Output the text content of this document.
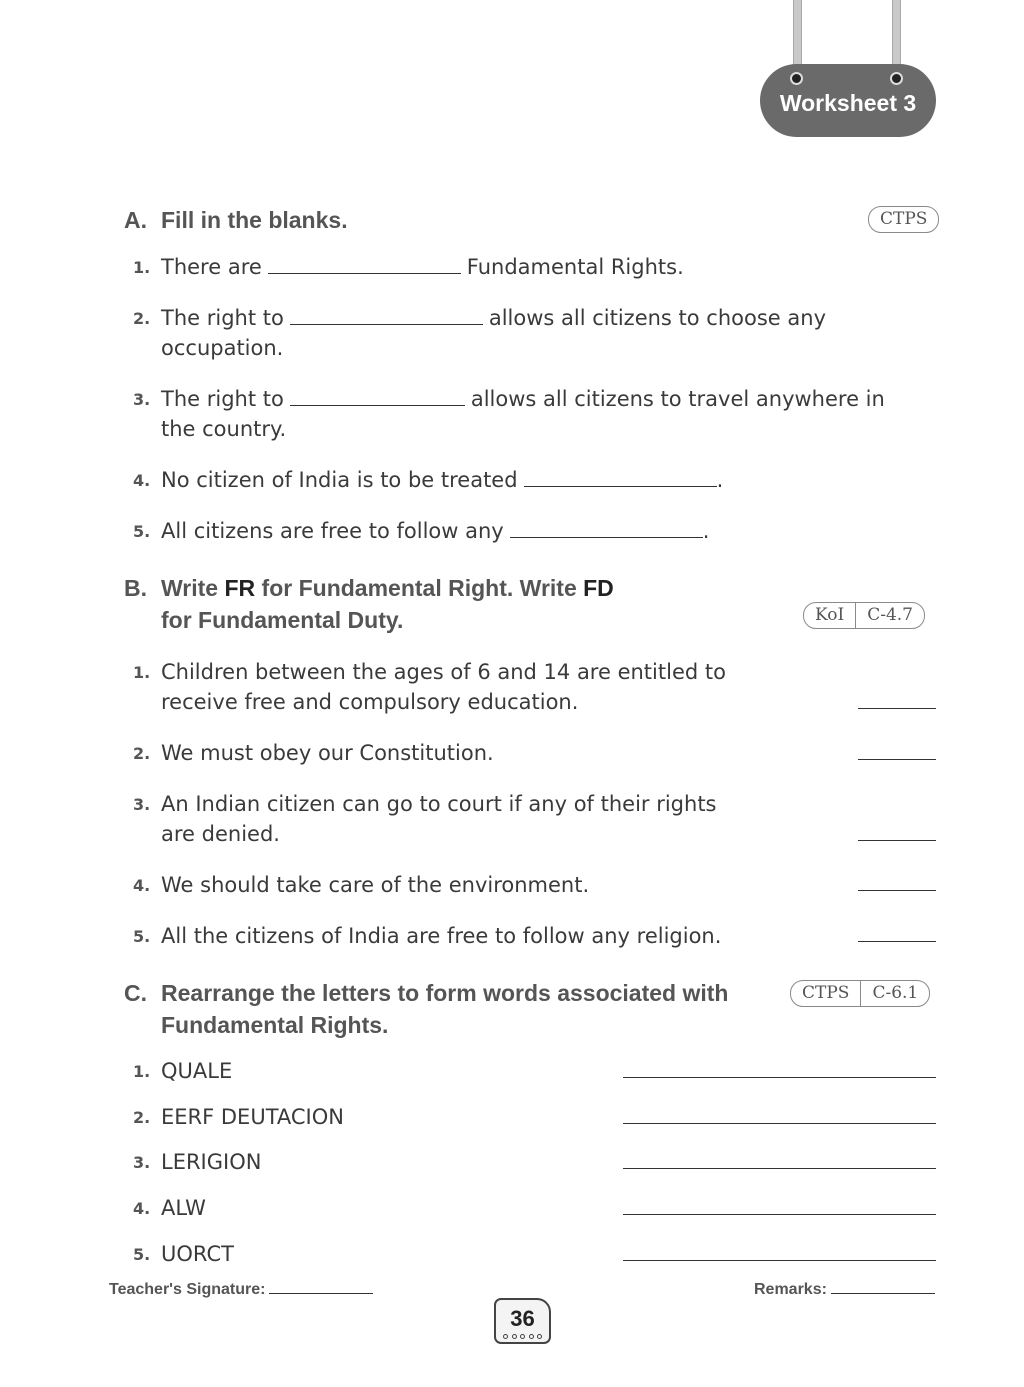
Worksheet 3
A. Fill in the blanks.	CTPS
1. There are	Fundamental Rights.
2. The right to	allows all citizens to choose any
occupation.
3. The right to	allows all citizens to travel anywhere in
the country.
4. No citizen of India is to be treated	.
5. All citizens are free to follow any	.
B. Write FR for Fundamental Right. Write FD
for Fundamental Duty.	KoI	C-4.7
1. Children between the ages of 6 and 14 are entitled to
receive free and compulsory education.
2. We must obey our Constitution.
3. An Indian citizen can go to court if any of their rights
are denied.
4. We should take care of the environment.
5. All the citizens of India are free to follow any religion.
C. Rearrange the letters to form words associated with
Fundamental Rights.
CTPS	C-6.1
1. QUALE
2. EERF DEUTACION
3. LERIGION
4. ALW
5. UORCT
Teacher's Signature:	Remarks:
36
